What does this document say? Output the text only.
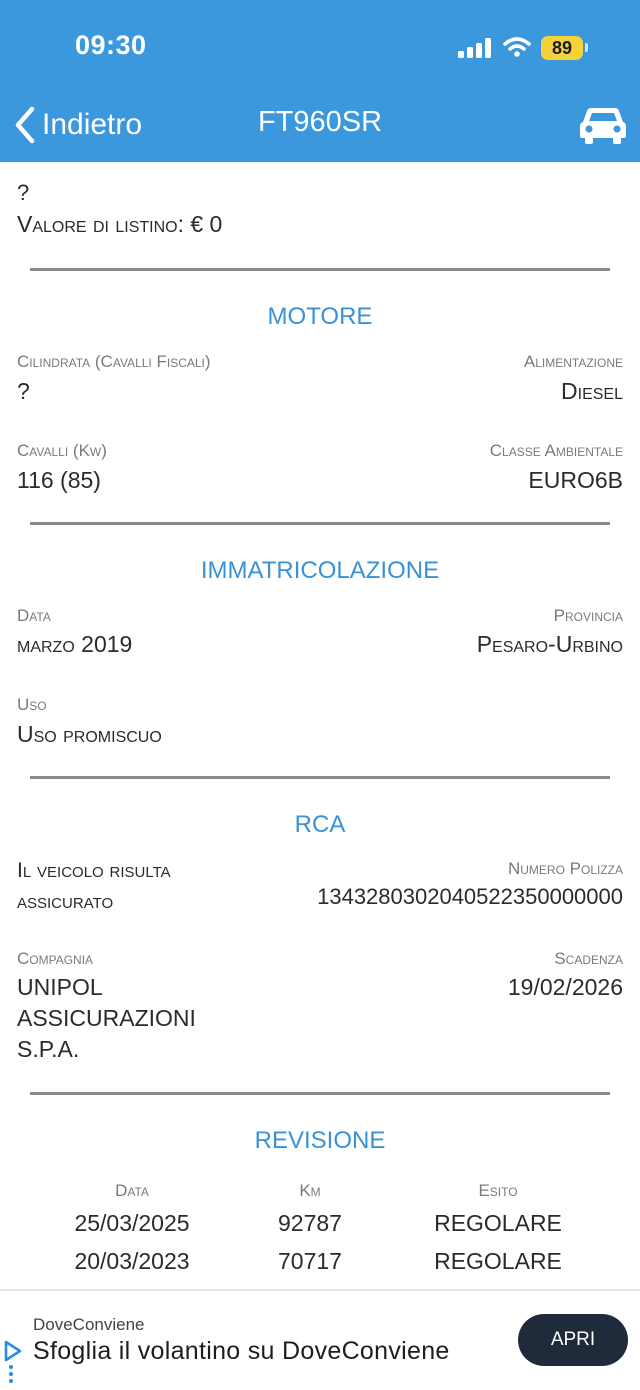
09:30	89
Indietro	FT960SR
?
Valore di listino: € 0
MOTORE
Cilindrata (Cavalli Fiscali)
?
Alimentazione
Diesel
Cavalli (Kw)
116 (85)
Classe Ambientale
EURO6B
IMMATRICOLAZIONE
Data
marzo 2019
Provincia
Pesaro-Urbino
Uso
Uso promiscuo
RCA
Il veicolo risulta
assicurato
Numero Polizza
1343280302040522350000000
Compagnia
UNIPOL
ASSICURAZIONI
S.P.A.
Scadenza
19/02/2026
REVISIONE
Data	Km	Esito
25/03/2025	92787	REGOLARE
20/03/2023	70717	REGOLARE
DoveConviene
Sfoglia il volantino su DoveConviene	APRI
